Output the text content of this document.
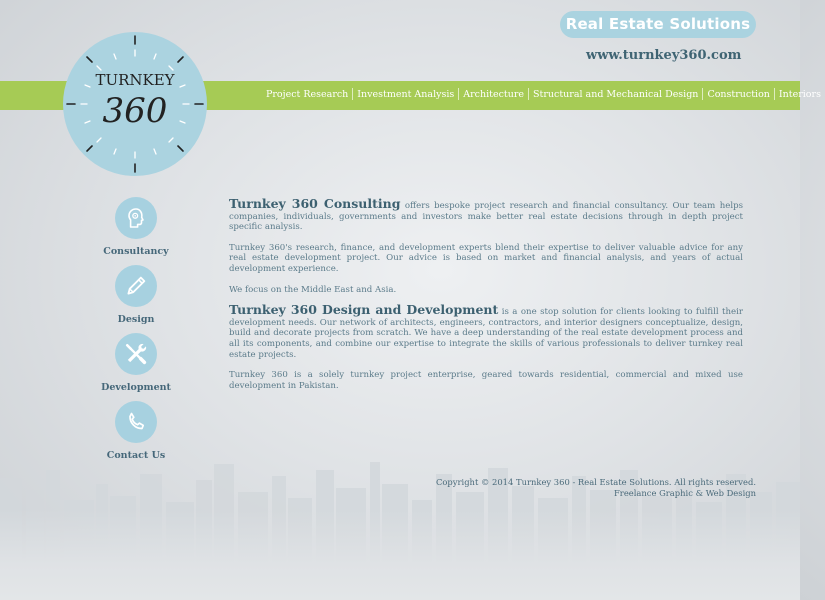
Project Research Investment Analysis Architecture Structural and Mechanical Design Construction Interiors
TURNKEY
360
Real Estate Solutions
www.turnkey360.com
Consultancy
Design
Development
Contact Us

Turnkey 360 Consulting offers bespoke project research and financial consultancy. Our team helps companies, individuals, governments and investors make better real estate decisions through in depth project specific analysis.

Turnkey 360's research, finance, and development experts blend their expertise to deliver valuable advice for any real estate development project. Our advice is based on market and financial analysis, and years of actual development experience.

We focus on the Middle East and Asia.

Turnkey 360 Design and Development is a one stop solution for clients looking to fulfill their development needs. Our network of architects, engineers, contractors, and interior designers conceptualize, design, build and decorate projects from scratch. We have a deep understanding of the real estate development process and all its components, and combine our expertise to integrate the skills of various professionals to deliver turnkey real estate projects.

Turnkey 360 is a solely turnkey project enterprise, geared towards residential, commercial and mixed use development in Pakistan.

Copyright © 2014 Turnkey 360 - Real Estate Solutions. All rights reserved.
Freelance Graphic & Web Design
